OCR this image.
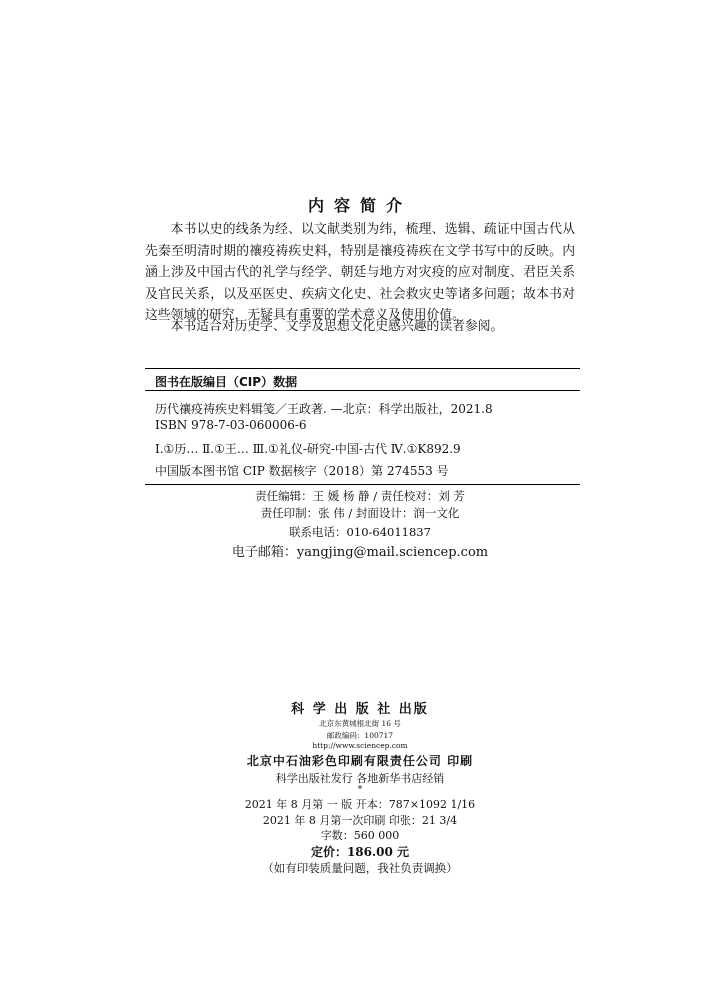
内容简介

本书以史的线条为经、以文献类别为纬，梳理、选辑、疏证中国古代从先秦至明清时期的禳疫祷疾史料，特别是禳疫祷疾在文学书写中的反映。内涵上涉及中国古代的礼学与经学、朝廷与地方对灾疫的应对制度、君臣关系及官民关系，以及巫医史、疾病文化史、社会救灾史等诸多问题；故本书对这些领域的研究，无疑具有重要的学术意义及使用价值。

本书适合对历史学、文学及思想文化史感兴趣的读者参阅。

图书在版编目（CIP）数据
历代禳疫祷疾史料辑笺／王政著. —北京：科学出版社，2021.8
ISBN 978-7-03-060006-6
Ⅰ.①历… Ⅱ.①王… Ⅲ.①礼仪-研究-中国-古代 Ⅳ.①K892.9
中国版本图书馆 CIP 数据核字（2018）第 274553 号
责任编辑：王 媛 杨 静 / 责任校对：刘 芳
责任印制：张 伟 / 封面设计：润一文化
联系电话：010-64011837
电子邮箱：yangjing@mail.sciencep.com
科 学 出 版 社 出版
北京东黄城根北街 16 号
邮政编码：100717
http://www.sciencep.com
北京中石油彩色印刷有限责任公司 印刷
科学出版社发行 各地新华书店经销
*
2021 年 8 月第 一 版 开本：787×1092 1/16
2021 年 8 月第一次印刷 印张：21 3/4
字数：560 000
定价：186.00 元
（如有印装质量问题，我社负责调换）
